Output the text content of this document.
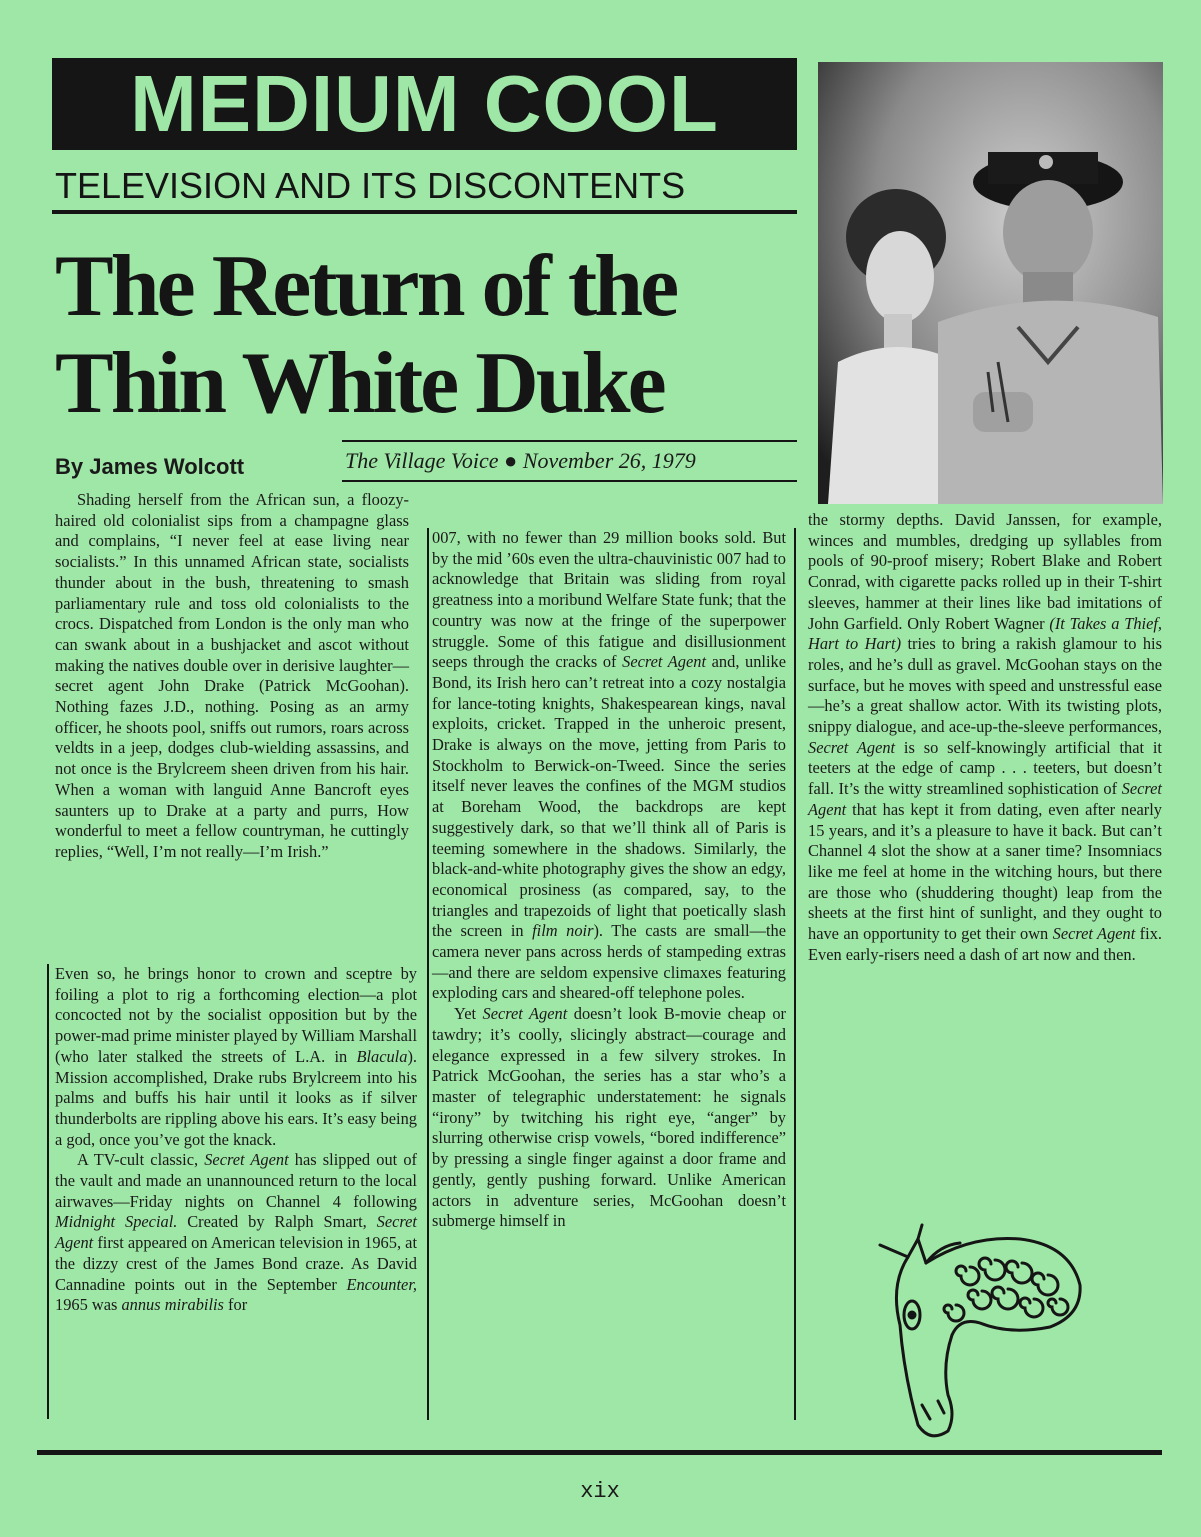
MEDIUM COOL
TELEVISION AND ITS DISCONTENTS
The Return of the
Thin White Duke
By James Wolcott	The Village Voice ● November 26, 1979

Shading herself from the African sun, a floozy-haired old colonialist sips from a champagne glass and complains, “I never feel at ease living near socialists.” In this unnamed African state, socialists thunder about in the bush, threatening to smash parliamentary rule and toss old colonialists to the crocs. Dispatched from London is the only man who can swank about in a bushjacket and ascot without making the natives double over in derisive laughter—secret agent John Drake (Patrick McGoohan). Nothing fazes J.D., nothing. Posing as an army officer, he shoots pool, sniffs out rumors, roars across veldts in a jeep, dodges club-wielding assassins, and not once is the Brylcreem sheen driven from his hair. When a woman with languid Anne Bancroft eyes saunters up to Drake at a party and purrs, How wonderful to meet a fellow countryman, he cuttingly replies, “Well, I’m not really—I’m Irish.”

Even so, he brings honor to crown and sceptre by foiling a plot to rig a forthcoming election—a plot concocted not by the socialist opposition but by the power-mad prime minister played by William Marshall (who later stalked the streets of L.A. in Blacula). Mission accomplished, Drake rubs Brylcreem into his palms and buffs his hair until it looks as if silver thunderbolts are rippling above his ears. It’s easy being a god, once you’ve got the knack.

A TV-cult classic, Secret Agent has slipped out of the vault and made an unannounced return to the local airwaves—Friday nights on Channel 4 following Midnight Special. Created by Ralph Smart, Secret Agent first appeared on American television in 1965, at the dizzy crest of the James Bond craze. As David Cannadine points out in the September Encounter, 1965 was annus mirabilis for

007, with no fewer than 29 million books sold. But by the mid ’60s even the ultra-chauvinistic 007 had to acknowledge that Britain was sliding from royal greatness into a moribund Welfare State funk; that the country was now at the fringe of the superpower struggle. Some of this fatigue and disillusionment seeps through the cracks of Secret Agent and, unlike Bond, its Irish hero can’t retreat into a cozy nostalgia for lance-toting knights, Shakespearean kings, naval exploits, cricket. Trapped in the unheroic present, Drake is always on the move, jetting from Paris to Stockholm to Berwick-on-Tweed. Since the series itself never leaves the confines of the MGM studios at Boreham Wood, the backdrops are kept suggestively dark, so that we’ll think all of Paris is teeming somewhere in the shadows. Similarly, the black-and-white photography gives the show an edgy, economical prosiness (as compared, say, to the triangles and trapezoids of light that poetically slash the screen in film noir). The casts are small—the camera never pans across herds of stampeding extras—and there are seldom expensive climaxes featuring exploding cars and sheared-off telephone poles.

Yet Secret Agent doesn’t look B-movie cheap or tawdry; it’s coolly, slicingly abstract—courage and elegance expressed in a few silvery strokes. In Patrick McGoohan, the series has a star who’s a master of telegraphic understatement: he signals “irony” by twitching his right eye, “anger” by slurring otherwise crisp vowels, “bored indifference” by pressing a single finger against a door frame and gently, gently pushing forward. Unlike American actors in adventure series, McGoohan doesn’t submerge himself in

the stormy depths. David Janssen, for example, winces and mumbles, dredging up syllables from pools of 90-proof misery; Robert Blake and Robert Conrad, with cigarette packs rolled up in their T-shirt sleeves, hammer at their lines like bad imitations of John Garfield. Only Robert Wagner (It Takes a Thief, Hart to Hart) tries to bring a rakish glamour to his roles, and he’s dull as gravel. McGoohan stays on the surface, but he moves with speed and unstressful ease—he’s a great shallow actor. With its twisting plots, snippy dialogue, and ace-up-the-sleeve performances, Secret Agent is so self-knowingly artificial that it teeters at the edge of camp . . . teeters, but doesn’t fall. It’s the witty streamlined sophistication of Secret Agent that has kept it from dating, even after nearly 15 years, and it’s a pleasure to have it back. But can’t Channel 4 slot the show at a saner time? Insomniacs like me feel at home in the witching hours, but there are those who (shuddering thought) leap from the sheets at the first hint of sunlight, and they ought to have an opportunity to get their own Secret Agent fix. Even early-risers need a dash of art now and then.

xix
